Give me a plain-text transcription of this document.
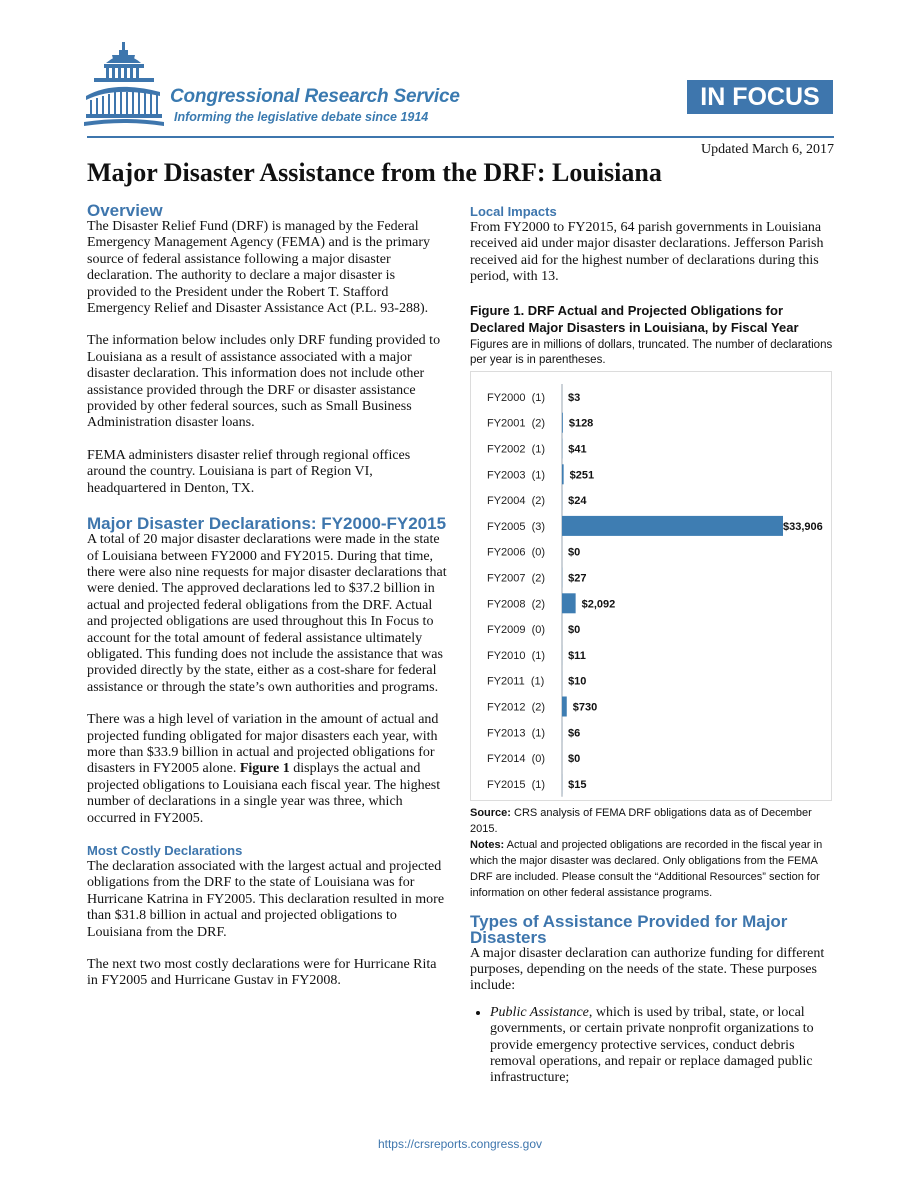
Congressional Research Service
Informing the legislative debate since 1914
IN FOCUS
Updated March 6, 2017
Major Disaster Assistance from the DRF: Louisiana
Overview

The Disaster Relief Fund (DRF) is managed by the Federal Emergency Management Agency (FEMA) and is the primary source of federal assistance following a major disaster declaration. The authority to declare a major disaster is provided to the President under the Robert T. Stafford Emergency Relief and Disaster Assistance Act (P.L. 93-288).

The information below includes only DRF funding provided to Louisiana as a result of assistance associated with a major disaster declaration. This information does not include other assistance provided through the DRF or disaster assistance provided by other federal sources, such as Small Business Administration disaster loans.

FEMA administers disaster relief through regional offices around the country. Louisiana is part of Region VI, headquartered in Denton, TX.

Major Disaster Declarations: FY2000-FY2015

A total of 20 major disaster declarations were made in the state of Louisiana between FY2000 and FY2015. During that time, there were also nine requests for major disaster declarations that were denied. The approved declarations led to $37.2 billion in actual and projected federal obligations from the DRF. Actual and projected obligations are used throughout this In Focus to account for the total amount of federal assistance ultimately obligated. This funding does not include the assistance that was provided directly by the state, either as a cost-share for federal assistance or through the state’s own authorities and programs.

There was a high level of variation in the amount of actual and projected funding obligated for major disasters each year, with more than $33.9 billion in actual and projected obligations for disasters in FY2005 alone. Figure 1 displays the actual and projected obligations to Louisiana each fiscal year. The highest number of declarations in a single year was three, which occurred in FY2005.

Most Costly Declarations

The declaration associated with the largest actual and projected obligations from the DRF to the state of Louisiana was for Hurricane Katrina in FY2005. This declaration resulted in more than $31.8 billion in actual and projected obligations to Louisiana from the DRF.

The next two most costly declarations were for Hurricane Rita in FY2005 and Hurricane Gustav in FY2008.

Local Impacts

From FY2000 to FY2015, 64 parish governments in Louisiana received aid under major disaster declarations. Jefferson Parish received aid for the highest number of declarations during this period, with 13.

Figure 1. DRF Actual and Projected Obligations for Declared Major Disasters in Louisiana, by Fiscal Year
Figures are in millions of dollars, truncated. The number of declarations per year is in parentheses.
FY2000  (1) $3
FY2001  (2) $128
FY2002  (1) $41
FY2003  (1) $251
FY2004  (2) $24
FY2005  (3)	$33,906
FY2006  (0) $0
FY2007  (2) $27
FY2008  (2)	$2,092
FY2009  (0) $0
FY2010  (1) $11
FY2011  (1) $10
FY2012  (2)	$730
FY2013  (1) $6
FY2014  (0) $0
FY2015  (1) $15
Source: CRS analysis of FEMA DRF obligations data as of December 2015.
Notes: Actual and projected obligations are recorded in the fiscal year in which the major disaster was declared. Only obligations from the FEMA DRF are included. Please consult the “Additional Resources” section for information on other federal assistance programs.
Types of Assistance Provided for Major Disasters

A major disaster declaration can authorize funding for different purposes, depending on the needs of the state. These purposes include:

• Public Assistance, which is used by tribal, state, or local governments, or certain private nonprofit organizations to provide emergency protective services, conduct debris removal operations, and repair or replace damaged public infrastructure;
https://crsreports.congress.gov
